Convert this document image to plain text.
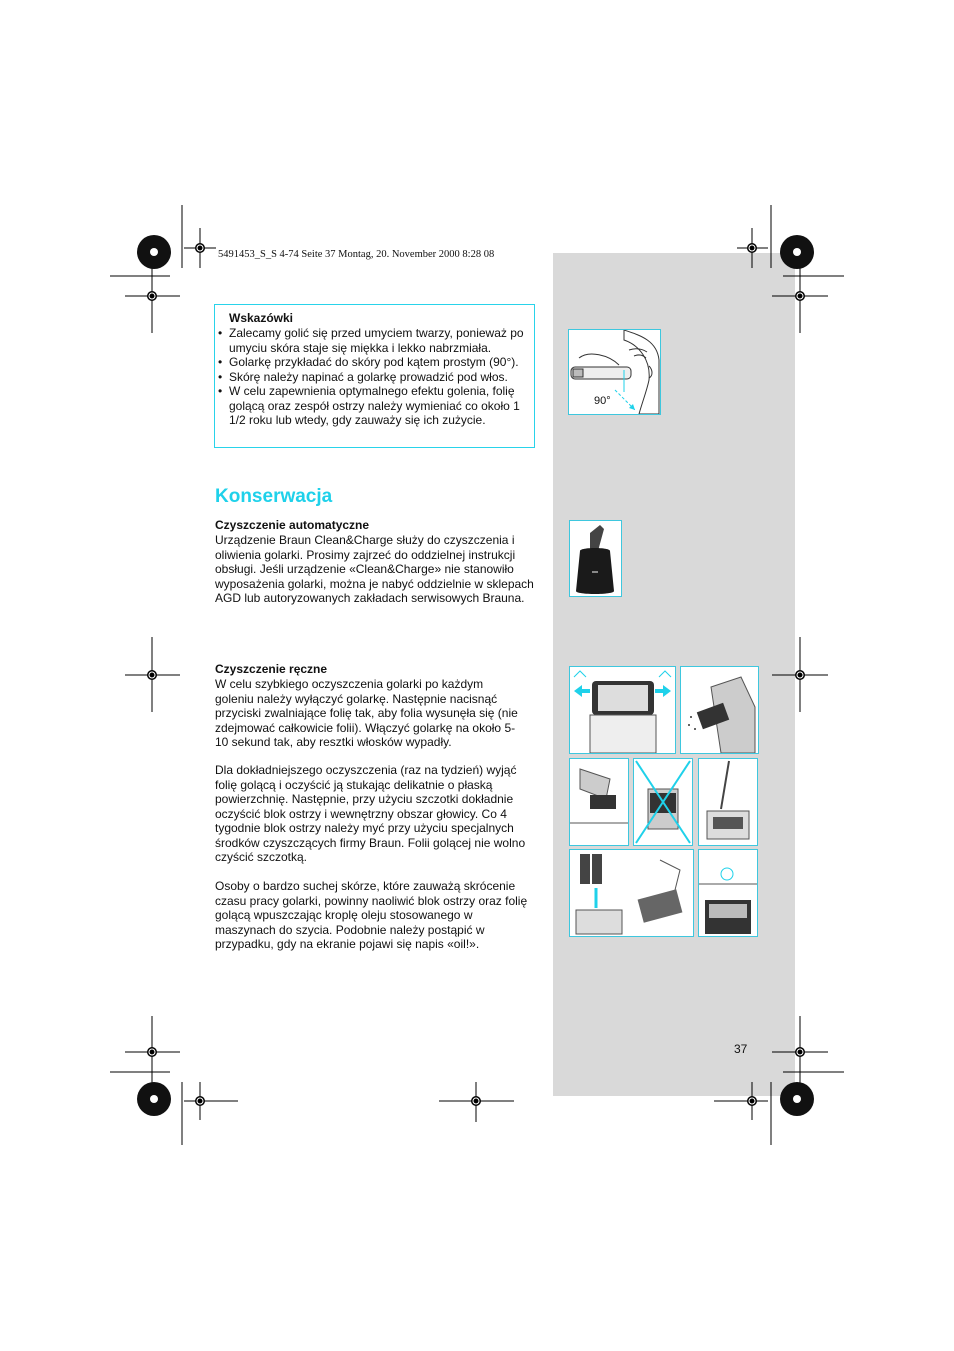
5491453_S_S 4-74 Seite 37 Montag, 20. November 2000 8:28 08
Wskazówki
• Zalecamy golić się przed umyciem twarzy, ponieważ po umyciu skóra staje się miękka i lekko nabrzmiała.
• Golarkę przykładać do skóry pod kątem prostym (90°).
• Skórę należy napinać a golarkę prowadzić pod włos.
• W celu zapewnienia optymalnego efektu golenia, folię golącą oraz zespół ostrzy należy wymieniać co około 1 1/2 roku lub wtedy, gdy zauważy się ich zużycie.
Konserwacja
Czyszczenie automatyczne
Urządzenie Braun Clean&Charge służy do czyszczenia i oliwienia golarki. Prosimy zajrzeć do oddzielnej instrukcji obsługi. Jeśli urządzenie «Clean&Charge» nie stanowiło wyposażenia golarki, można je nabyć oddzielnie w sklepach AGD lub autoryzowanych zakładach serwisowych Brauna.
Czyszczenie ręczne
W celu szybkiego oczyszczenia golarki po każdym goleniu należy wyłączyć golarkę. Następnie nacisnąć przyciski zwalniające folię tak, aby folia wysunęła się (nie zdejmować całkowicie folii). Włączyć golarkę na około 5-10 sekund tak, aby resztki włosków wypadły.
Dla dokładniejszego oczyszczenia (raz na tydzień) wyjąć folię golącą i oczyścić ją stukając delikatnie o płaską powierzchnię. Następnie, przy użyciu szczotki dokładnie oczyścić blok ostrzy i wewnętrzny obszar głowicy. Co 4 tygodnie blok ostrzy należy myć przy użyciu specjalnych środków czyszczących firmy Braun. Folii golącej nie wolno czyścić szczotką.
Osoby o bardzo suchej skórze, które zauważą skrócenie czasu pracy golarki, powinny naoliwić blok ostrzy oraz folię golącą wpuszczając kroplę oleju stosowanego w maszynach do szycia. Podobnie należy postąpić w przypadku, gdy na ekranie pojawi się napis «oil!».
37
90°
